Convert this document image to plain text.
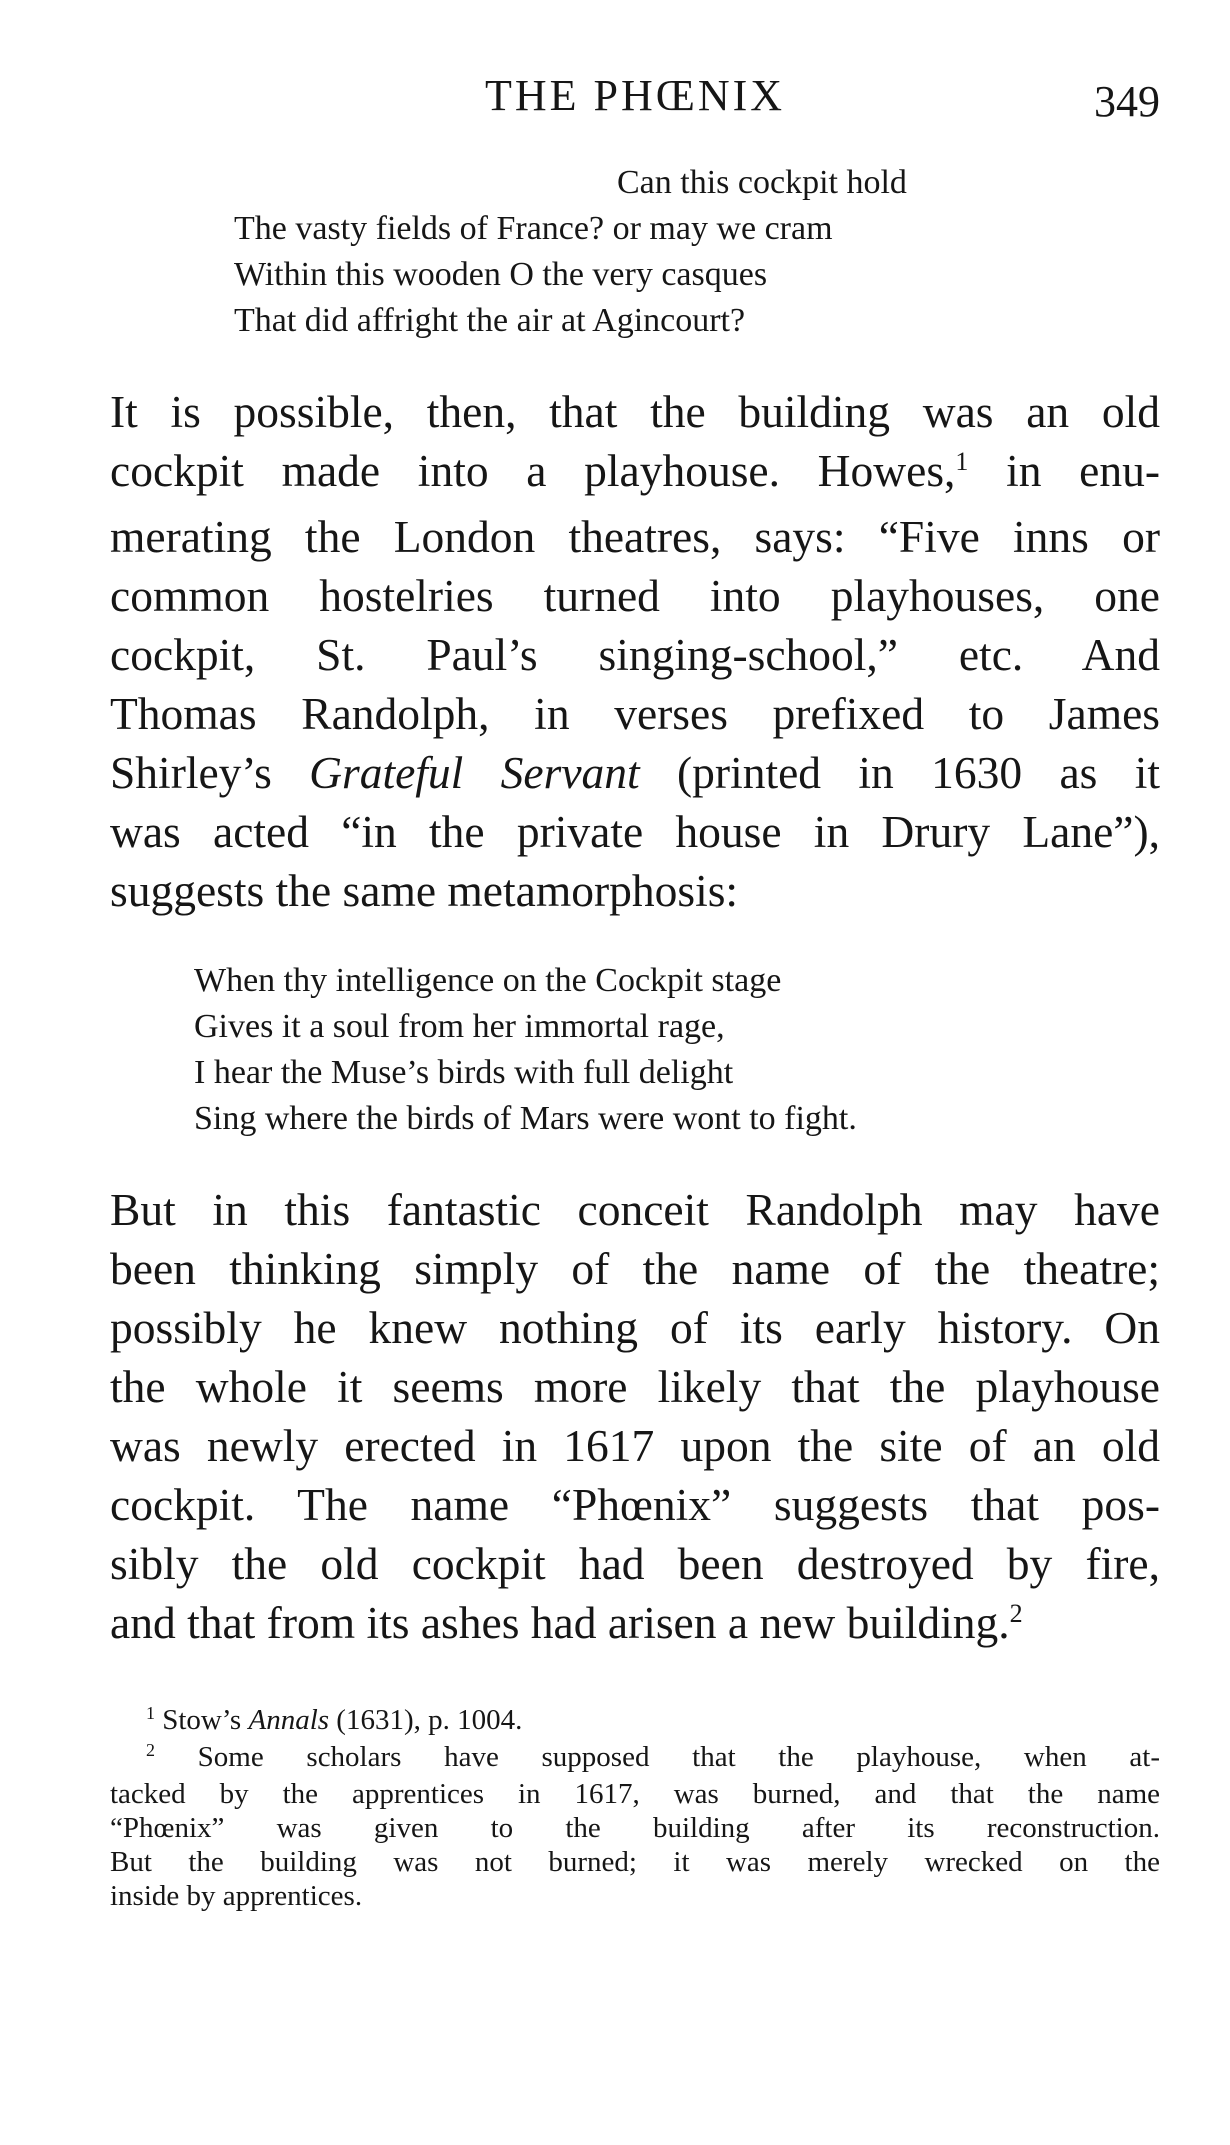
THE PHŒNIX	349
Can this cockpit hold
The vasty fields of France? or may we cram
Within this wooden O the very casques
That did affright the air at Agincourt?
It is possible, then, that the building was an old
cockpit made into a playhouse. Howes,$^1$ in enu-
merating the London theatres, says: “Five inns or
common hostelries turned into playhouses, one
cockpit, St. Paul’s singing-school,” etc. And
Thomas Randolph, in verses prefixed to James
Shirley’s Grateful Servant (printed in 1630 as it
was acted “in the private house in Drury Lane”),
suggests the same metamorphosis:
When thy intelligence on the Cockpit stage
Gives it a soul from her immortal rage,
I hear the Muse’s birds with full delight
Sing where the birds of Mars were wont to fight.
But in this fantastic conceit Randolph may have
been thinking simply of the name of the theatre;
possibly he knew nothing of its early history. On
the whole it seems more likely that the playhouse
was newly erected in 1617 upon the site of an old
cockpit. The name “Phœnix” suggests that pos-
sibly the old cockpit had been destroyed by fire,
and that from its ashes had arisen a new building.$^2$
$^1$ Stow’s Annals (1631), p. 1004.
$^2$ Some scholars have supposed that the playhouse, when at-
tacked by the apprentices in 1617, was burned, and that the name
“Phœnix” was given to the building after its reconstruction.
But the building was not burned; it was merely wrecked on the
inside by apprentices.
